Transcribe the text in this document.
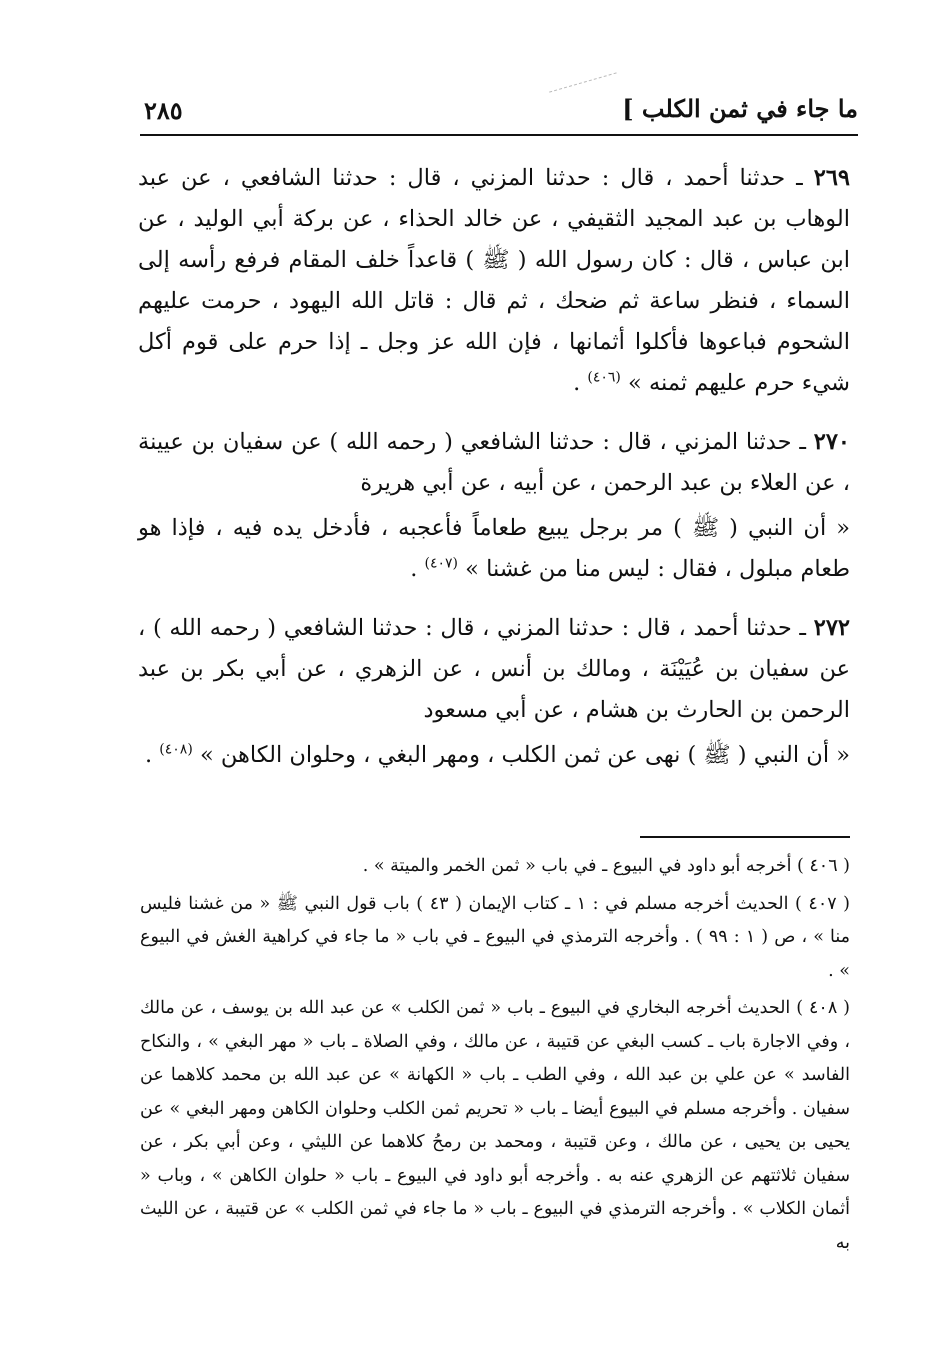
ما جاء في ثمن الكلب ]
٢٨٥

٢٦٩ ـ حدثنا أحمد ، قال : حدثنا المزني ، قال : حدثنا الشافعي ، عن عبد الوهاب بن عبد المجيد الثقيفي ، عن خالد الحذاء ، عن بركة أبي الوليد ، عن ابن عباس ، قال : كان رسول الله ( ﷺ ) قاعداً خلف المقام فرفع رأسه إلى السماء ، فنظر ساعة ثم ضحك ، ثم قال : قاتل الله اليهود ، حرمت عليهم الشحوم فباعوها فأكلوا أثمانها ، فإن الله عز وجل ـ إذا حرم على قوم أكل شيء حرم عليهم ثمنه » $^{(٤٠٦)}$ .

٢٧٠ ـ حدثنا المزني ، قال : حدثنا الشافعي ( رحمه الله ) عن سفيان بن عيينة ، عن العلاء بن عبد الرحمن ، عن أبيه ، عن أبي هريرة

« أن النبي ( ﷺ ) مر برجل يبيع طعاماً فأعجبه ، فأدخل يده فيه ، فإذا هو طعام مبلول ، فقال : ليس منا من غشنا » $^{(٤٠٧)}$ .

٢٧٢ ـ حدثنا أحمد ، قال : حدثنا المزني ، قال : حدثنا الشافعي ( رحمه الله ) ، عن سفيان بن عُيَيْنَة ، ومالك بن أنس ، عن الزهري ، عن أبي بكر بن عبد الرحمن بن الحارث بن هشام ، عن أبي مسعود

« أن النبي ( ﷺ ) نهى عن ثمن الكلب ، ومهر البغي ، وحلوان الكاهن » $^{(٤٠٨)}$ .

( ٤٠٦ ) أخرجه أبو داود في البيوع ـ في باب « ثمن الخمر والميتة » .

( ٤٠٧ ) الحديث أخرجه مسلم في : ١ ـ كتاب الإيمان ( ٤٣ ) باب قول النبي ﷺ « من غشنا فليس منا » ، ص ( ١ : ٩٩ ) . وأخرجه الترمذي في البيوع ـ في باب « ما جاء في كراهية الغش في البيوع » .

( ٤٠٨ ) الحديث أخرجه البخاري في البيوع ـ باب « ثمن الكلب » عن عبد الله بن يوسف ، عن مالك ، وفي الاجارة باب ـ كسب البغي عن قتيبة ، عن مالك ، وفي الصلاة ـ باب « مهر البغي » ، والنكاح الفاسد » عن علي بن عبد الله ، وفي الطب ـ باب « الكهانة » عن عبد الله بن محمد كلاهما عن سفيان . وأخرجه مسلم في البيوع أيضا ـ باب « تحريم ثمن الكلب وحلوان الكاهن ومهر البغي » عن يحيى بن يحيى ، عن مالك ، وعن قتيبة ، ومحمد بن رمحُ كلاهما عن الليثي ، وعن أبي بكر ، عن سفيان ثلاثتهم عن الزهري عنه به . وأخرجه أبو داود في البيوع ـ باب « حلوان الكاهن » ، وباب « أثمان الكلاب » . وأخرجه الترمذي في البيوع ـ باب « ما جاء في ثمن الكلب » عن قتيبة ، عن الليث به
